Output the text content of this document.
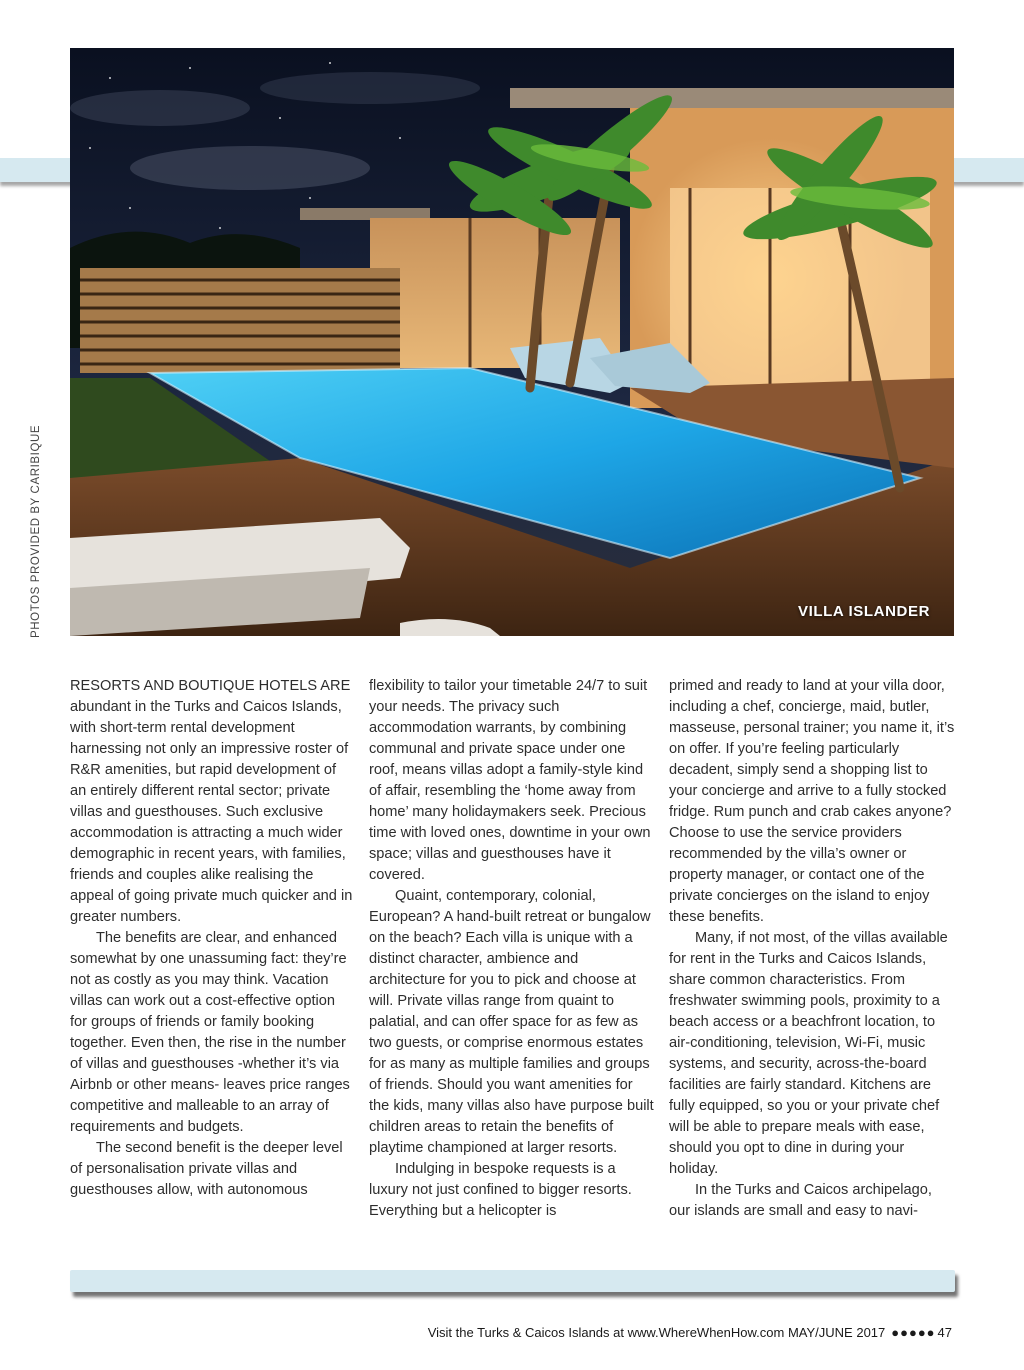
PHOTOS PROVIDED BY CARIBIQUE	VILLA ISLANDER

RESORTS AND BOUTIQUE HOTELS ARE abundant in the Turks and Caicos Islands, with short-term rental development harnessing not only an impressive roster of R&R amenities, but rapid development of an entirely different rental sector; private villas and guesthouses. Such exclusive accommodation is attracting a much wider demographic in recent years, with families, friends and couples alike realising the appeal of going private much quicker and in greater numbers.

The benefits are clear, and enhanced somewhat by one unassuming fact: they’re not as costly as you may think. Vacation villas can work out a cost-effective option for groups of friends or family booking together. Even then, the rise in the number of villas and guesthouses -whether it’s via Airbnb or other means- leaves price ranges competitive and malleable to an array of requirements and budgets.

The second benefit is the deeper level of personalisation private villas and guesthouses allow, with autonomous

flexibility to tailor your timetable 24/7 to suit your needs. The privacy such accommodation warrants, by combining communal and private space under one roof, means villas adopt a family-style kind of affair, resembling the ‘home away from home’ many holidaymakers seek. Precious time with loved ones, downtime in your own space; villas and guesthouses have it covered.

Quaint, contemporary, colonial, European? A hand-built retreat or bungalow on the beach? Each villa is unique with a distinct character, ambience and architecture for you to pick and choose at will. Private villas range from quaint to palatial, and can offer space for as few as two guests, or comprise enormous estates for as many as multiple families and groups of friends. Should you want amenities for the kids, many villas also have purpose built children areas to retain the benefits of playtime championed at larger resorts.

Indulging in bespoke requests is a luxury not just confined to bigger resorts. Everything but a helicopter is

primed and ready to land at your villa door, including a chef, concierge, maid, butler, masseuse, personal trainer; you name it, it’s on offer. If you’re feeling particularly decadent, simply send a shopping list to your concierge and arrive to a fully stocked fridge. Rum punch and crab cakes anyone? Choose to use the service providers recommended by the villa’s owner or property manager, or contact one of the private concierges on the island to enjoy these benefits.

Many, if not most, of the villas available for rent in the Turks and Caicos Islands, share common characteristics. From freshwater swimming pools, proximity to a beach access or a beachfront location, to air-conditioning, television, Wi-Fi, music systems, and security, across-the-board facilities are fairly standard. Kitchens are fully equipped, so you or your private chef will be able to prepare meals with ease, should you opt to dine in during your holiday.

In the Turks and Caicos archipelago, our islands are small and easy to navi-

Visit the Turks & Caicos Islands at www.WhereWhenHow.com MAY/JUNE 2017 ●●●●● 47
